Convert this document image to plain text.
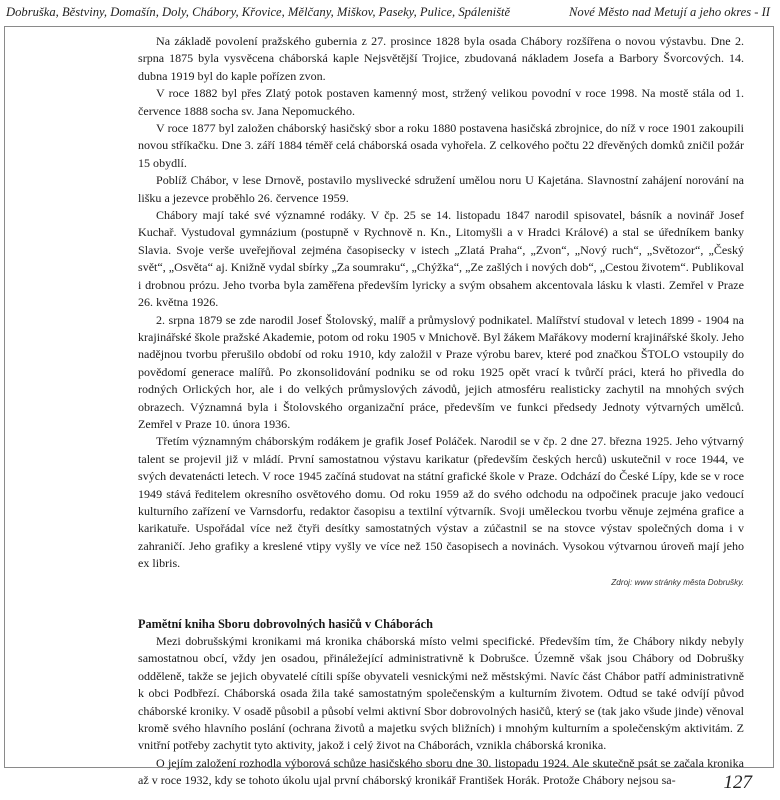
Dobruška, Běstviny, Domašín, Doly, Chábory, Křovice, Mělčany, Miškov, Paseky, Pulice, Spáleniště	Nové Město nad Metují a jeho okres - II

Na základě povolení pražského gubernia z 27. prosince 1828 byla osada Chábory rozšířena o novou výstavbu. Dne 2. srpna 1875 byla vysvěcena cháborská kaple Nejsvětější Trojice, zbudovaná nákladem Josefa a Barbory Švorcových. 14. dubna 1919 byl do kaple pořízen zvon.

V roce 1882 byl přes Zlatý potok postaven kamenný most, stržený velikou povodní v roce 1998. Na mostě stála od 1. července 1888 socha sv. Jana Nepomuckého.

V roce 1877 byl založen cháborský hasičský sbor a roku 1880 postavena hasičská zbrojnice, do níž v roce 1901 zakoupili novou stříkačku. Dne 3. září 1884 téměř celá cháborská osada vyhořela. Z celkového počtu 22 dřevěných domků zničil požár 15 obydlí.

Poblíž Chábor, v lese Drnově, postavilo myslivecké sdružení umělou noru U Kajetána. Slavnostní zahájení norování na lišku a jezevce proběhlo 26. července 1959.

Chábory mají také své významné rodáky. V čp. 25 se 14. listopadu 1847 narodil spisovatel, básník a novinář Josef Kuchař. Vystudoval gymnázium (postupně v Rychnově n. Kn., Litomyšli a v Hradci Králové) a stal se úředníkem banky Slavia. Svoje verše uveřejňoval zejména časopisecky v istech „Zlatá Praha“, „Zvon“, „Nový ruch“, „Světozor“, „Český svět“, „Osvěta“ aj. Knižně vydal sbírky „Za soumraku“, „Chýžka“, „Ze zašlých i nových dob“, „Cestou životem“. Publikoval i drobnou prózu. Jeho tvorba byla zaměřena především lyricky a svým obsahem akcentovala lásku k vlasti. Zemřel v Praze 26. května 1926.

2. srpna 1879 se zde narodil Josef Štolovský, malíř a průmyslový podnikatel. Malířství studoval v letech 1899 - 1904 na krajinářské škole pražské Akademie, potom od roku 1905 v Mnichově. Byl žákem Mařákovy moderní krajinářské školy. Jeho nadějnou tvorbu přerušilo období od roku 1910, kdy založil v Praze výrobu barev, které pod značkou ŠTOLO vstoupily do povědomí generace malířů. Po zkonsolidování podniku se od roku 1925 opět vrací k tvůrčí práci, která ho přivedla do rodných Orlických hor, ale i do velkých průmyslových závodů, jejich atmosféru realisticky zachytil na mnohých svých obrazech. Významná byla i Štolovského organizační práce, především ve funkci předsedy Jednoty výtvarných umělců. Zemřel v Praze 10. února 1936.

Třetím významným cháborským rodákem je grafik Josef Poláček. Narodil se v čp. 2 dne 27. března 1925. Jeho výtvarný talent se projevil již v mládí. První samostatnou výstavu karikatur (především českých herců) uskutečnil v roce 1944, ve svých devatenácti letech. V roce 1945 začíná studovat na státní grafické škole v Praze. Odchází do České Lípy, kde se v roce 1949 stává ředitelem okresního osvětového domu. Od roku 1959 až do svého odchodu na odpočinek pracuje jako vedoucí kulturního zařízení ve Varnsdorfu, redaktor časopisu a textilní výtvarník. Svoji uměleckou tvorbu věnuje zejména grafice a karikatuře. Uspořádal více než čtyři desítky samostatných výstav a zúčastnil se na stovce výstav společných doma i v zahraničí. Jeho grafiky a kreslené vtipy vyšly ve více než 150 časopisech a novinách. Vysokou výtvarnou úroveň mají jeho ex libris.

Zdroj: www stránky města Dobrušky.

Pamětní kniha Sboru dobrovolných hasičů v Cháborách

Mezi dobrušskými kronikami má kronika cháborská místo velmi specifické. Především tím, že Chábory nikdy nebyly samostatnou obcí, vždy jen osadou, přináležející administrativně k Dobrušce. Územně však jsou Chábory od Dobrušky odděleně, takže se jejich obyvatelé cítili spíše obyvateli vesnickými než městskými. Navíc část Chábor patří administrativně k obci Podbřezí. Cháborská osada žila také samostatným společenským a kulturním životem. Odtud se také odvíjí původ cháborské kroniky. V osadě působil a působí velmi aktivní Sbor dobrovolných hasičů, který se (tak jako všude jinde) věnoval kromě svého hlavního poslání (ochrana životů a majetku svých bližních) i mnohým kulturním a společenským aktivitám. Z vnitřní potřeby zachytit tyto aktivity, jakož i celý život na Cháborách, vznikla cháborská kronika.

O jejím založení rozhodla výborová schůze hasičského sboru dne 30. listopadu 1924. Ale skutečně psát se začala kronika až v roce 1932, kdy se tohoto úkolu ujal první cháborský kronikář František Horák. Protože Chábory nejsou sa-	127
